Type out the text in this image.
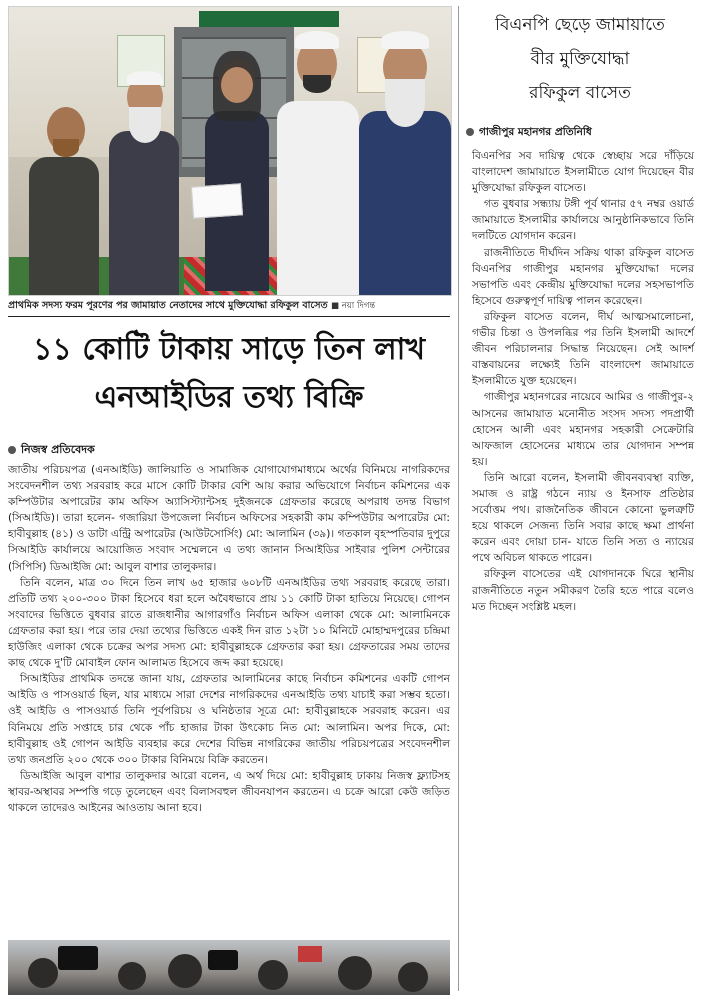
প্রাথমিক সদস্য ফরম পূরণের পর জামায়াত নেতাদের সাথে মুক্তিযোদ্ধা রফিকুল বাসেত ■ নয়া দিগন্ত
১১ কোটি টাকায় সাড়ে তিন লাখ
এনআইডির তথ্য বিক্রি
নিজস্ব প্রতিবেদক

জাতীয় পরিচয়পত্র (এনআইডি) জালিয়াতি ও সামাজিক যোগাযোগমাধ্যমে অর্থের বিনিময়ে নাগরিকদের সংবেদনশীল তথ্য সরবরাহ করে মাসে কোটি টাকার বেশি আয় করার অভিযোগে নির্বাচন কমিশনের এক কম্পিউটার অপারেটর কাম অফিস অ্যাসিস্ট্যান্টসহ দুইজনকে গ্রেফতার করেছে অপরাধ তদন্ত বিভাগ (সিআইডি)। তারা হলেন- গজারিয়া উপজেলা নির্বাচন অফিসের সহকারী কাম কম্পিউটার অপারেটর মো: হাবীবুল্লাহ (৪১) ও ডাটা এন্ট্রি অপারেটর (আউটসোর্সিং) মো: আলামিন (৩৯)। গতকাল বৃহস্পতিবার দুপুরে সিআইডি কার্যালয়ে আয়োজিত সংবাদ সম্মেলনে এ তথ্য জানান সিআইডির সাইবার পুলিশ সেন্টারের (সিপিসি) ডিআইজি মো: আবুল বাশার তালুকদার।

তিনি বলেন, মাত্র ৩০ দিনে তিন লাখ ৬৫ হাজার ৬০৮টি এনআইডির তথ্য সরবরাহ করেছে তারা। প্রতিটি তথ্য ২০০-৩০০ টাকা হিসেবে ধরা হলে অবৈধভাবে প্রায় ১১ কোটি টাকা হাতিয়ে নিয়েছে। গোপন সংবাদের ভিত্তিতে বুধবার রাতে রাজধানীর আগারগাঁও নির্বাচন অফিস এলাকা থেকে মো: আলামিনকে গ্রেফতার করা হয়। পরে তার দেয়া তথ্যের ভিত্তিতে একই দিন রাত ১২টা ১০ মিনিটে মোহাম্মদপুরের চন্দ্রিমা হাউজিং এলাকা থেকে চক্রের অপর সদস্য মো: হাবীবুল্লাহকে গ্রেফতার করা হয়। গ্রেফতারের সময় তাদের কাছ থেকে দু'টি মোবাইল ফোন আলামত হিসেবে জব্দ করা হয়েছে।

সিআইডির প্রাথমিক তদন্তে জানা যায়, গ্রেফতার আলামিনের কাছে নির্বাচন কমিশনের একটি গোপন আইডি ও পাসওয়ার্ড ছিল, যার মাধ্যমে সারা দেশের নাগরিকদের এনআইডি তথ্য যাচাই করা সম্ভব হতো। ওই আইডি ও পাসওয়ার্ড তিনি পূর্বপরিচয় ও ঘনিষ্ঠতার সূত্রে মো: হাবীবুল্লাহকে সরবরাহ করেন। এর বিনিময়ে প্রতি সপ্তাহে চার থেকে পাঁচ হাজার টাকা উৎকোচ নিত মো: আলামিন। অপর দিকে, মো: হাবীবুল্লাহ ওই গোপন আইডি ব্যবহার করে দেশের বিভিন্ন নাগরিকের জাতীয় পরিচয়পত্রের সংবেদনশীল তথ্য জনপ্রতি ২০০ থেকে ৩০০ টাকার বিনিময়ে বিক্রি করতেন।

ডিআইজি আবুল বাশার তালুকদার আরো বলেন, এ অর্থ দিয়ে মো: হাবীবুল্লাহ ঢাকায় নিজস্ব ফ্ল্যাটসহ স্থাবর-অস্থাবর সম্পত্তি গড়ে তুলেছেন এবং বিলাসবহুল জীবনযাপন করতেন। এ চক্রে আরো কেউ জড়িত থাকলে তাদেরও আইনের আওতায় আনা হবে।

বিএনপি ছেড়ে জামায়াতে
বীর মুক্তিযোদ্ধা
রফিকুল বাসেত
গাজীপুর মহানগর প্রতিনিধি

বিএনপির সব দায়িত্ব থেকে স্বেচ্ছায় সরে দাঁড়িয়ে বাংলাদেশ জামায়াতে ইসলামীতে যোগ দিয়েছেন বীর মুক্তিযোদ্ধা রফিকুল বাসেত।

গত বুধবার সন্ধ্যায় টঙ্গী পূর্ব থানার ৫৭ নম্বর ওয়ার্ড জামায়াতে ইসলামীর কার্যালয়ে আনুষ্ঠানিকভাবে তিনি দলটিতে যোগদান করেন।

রাজনীতিতে দীর্ঘদিন সক্রিয় থাকা রফিকুল বাসেত বিএনপির গাজীপুর মহানগর মুক্তিযোদ্ধা দলের সভাপতি এবং কেন্দ্রীয় মুক্তিযোদ্ধা দলের সহসভাপতি হিসেবে গুরুত্বপূর্ণ দায়িত্ব পালন করেছেন।

রফিকুল বাসেত বলেন, দীর্ঘ আত্মসমালোচনা, গভীর চিন্তা ও উপলব্ধির পর তিনি ইসলামী আদর্শে জীবন পরিচালনার সিদ্ধান্ত নিয়েছেন। সেই আদর্শ বাস্তবায়নের লক্ষ্যেই তিনি বাংলাদেশ জামায়াতে ইসলামীতে যুক্ত হয়েছেন।

গাজীপুর মহানগরের নায়েবে আমির ও গাজীপুর-২ আসনের জামায়াত মনোনীত সংসদ সদস্য পদপ্রার্থী হোসেন আলী এবং মহানগর সহকারী সেক্রেটারি আফজাল হোসেনের মাধ্যমে তার যোগদান সম্পন্ন হয়।

তিনি আরো বলেন, ইসলামী জীবনব্যবস্থা ব্যক্তি, সমাজ ও রাষ্ট্র গঠনে ন্যায় ও ইনসাফ প্রতিষ্ঠার সর্বোত্তম পথ। রাজনৈতিক জীবনে কোনো ভুলত্রুটি হয়ে থাকলে সেজন্য তিনি সবার কাছে ক্ষমা প্রার্থনা করেন এবং দোয়া চান- যাতে তিনি সত্য ও ন্যায়ের পথে অবিচল থাকতে পারেন।

রফিকুল বাসেতের এই যোগদানকে ঘিরে স্থানীয় রাজনীতিতে নতুন সমীকরণ তৈরি হতে পারে বলেও মত দিচ্ছেন সংশ্লিষ্ট মহল।
